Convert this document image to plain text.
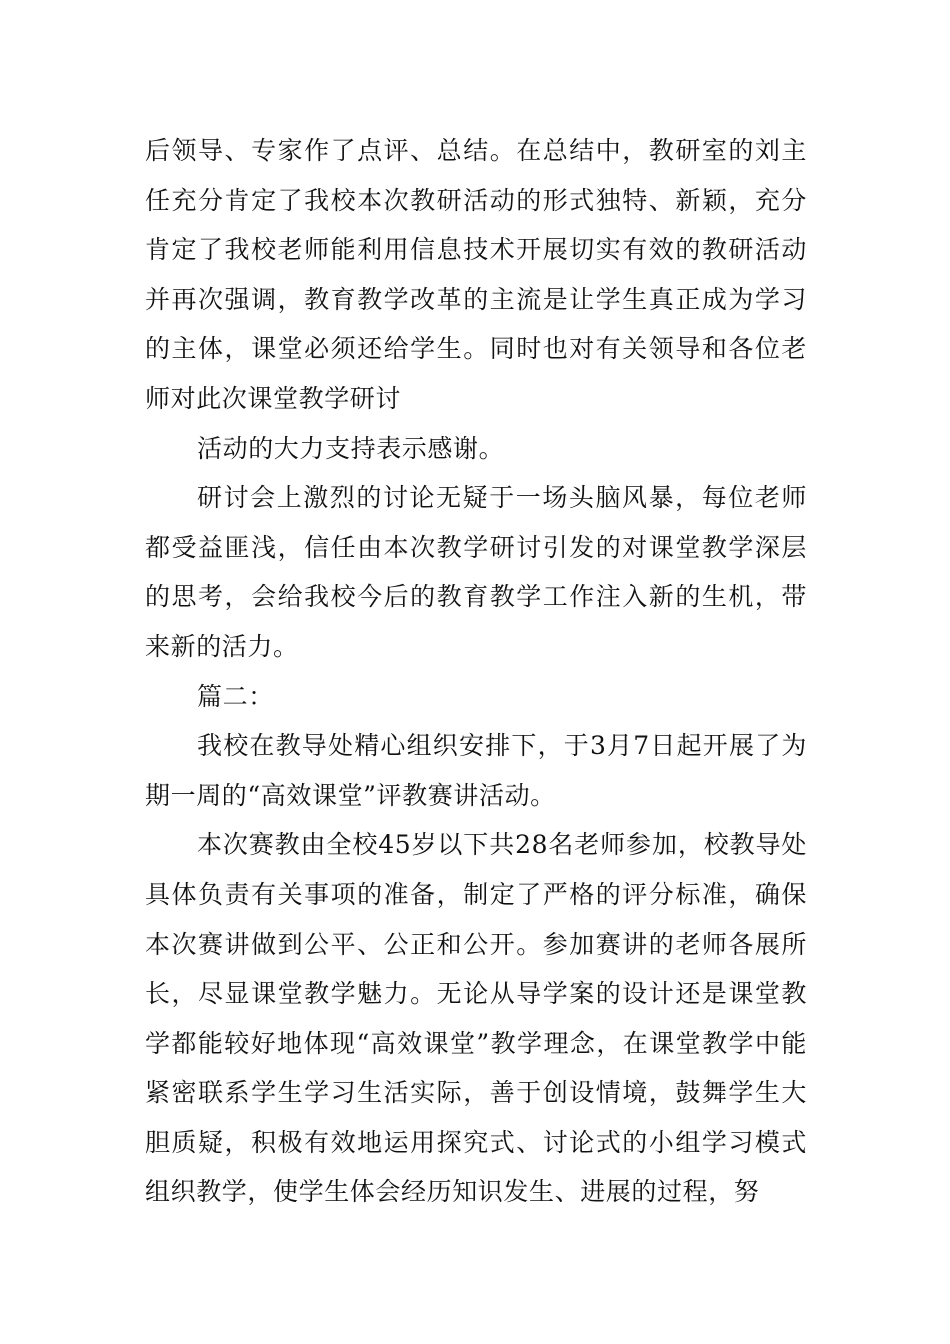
后领导、专家作了点评、总结。在总结中，教研室的刘主任充分肯定了我校本次教研活动的形式独特、新颖，充分肯定了我校老师能利用信息技术开展切实有效的教研活动并再次强调，教育教学改革的主流是让学生真正成为学习的主体，课堂必须还给学生。同时也对有关领导和各位老师对此次课堂教学研讨

活动的大力支持表示感谢。

研讨会上激烈的讨论无疑于一场头脑风暴，每位老师都受益匪浅，信任由本次教学研讨引发的对课堂教学深层的思考，会给我校今后的教育教学工作注入新的生机，带来新的活力。

篇二：

我校在教导处精心组织安排下，于3月7日起开展了为期一周的“高效课堂”评教赛讲活动。

本次赛教由全校45岁以下共28名老师参加，校教导处具体负责有关事项的准备，制定了严格的评分标准，确保本次赛讲做到公平、公正和公开。参加赛讲的老师各展所长，尽显课堂教学魅力。无论从导学案的设计还是课堂教学都能较好地体现“高效课堂”教学理念，在课堂教学中能紧密联系学生学习生活实际，善于创设情境，鼓舞学生大胆质疑，积极有效地运用探究式、讨论式的小组学习模式组织教学，使学生体会经历知识发生、进展的过程，努
